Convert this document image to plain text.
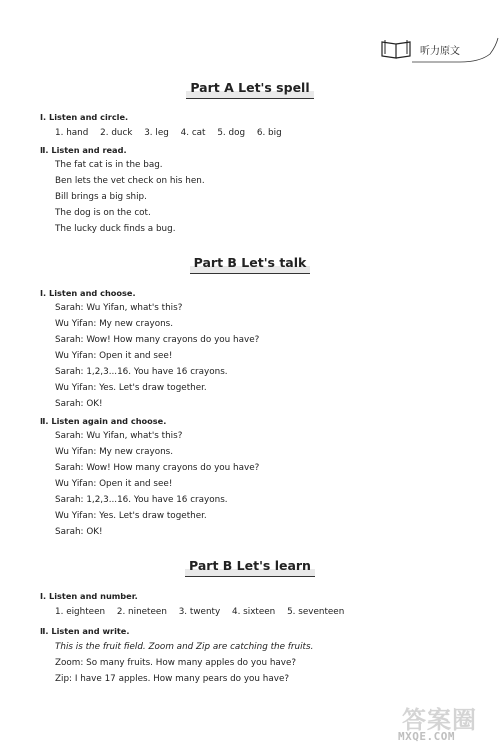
听力原文
Part A Let's spell
Ⅰ. Listen and circle.
1. hand 2. duck 3. leg 4. cat 5. dog 6. big
Ⅱ. Listen and read.
The fat cat is in the bag.
Ben lets the vet check on his hen.
Bill brings a big ship.
The dog is on the cot.
The lucky duck finds a bug.
Part B Let's talk
Ⅰ. Listen and choose.
Sarah: Wu Yifan, what's this?
Wu Yifan: My new crayons.
Sarah: Wow! How many crayons do you have?
Wu Yifan: Open it and see!
Sarah: 1,2,3...16. You have 16 crayons.
Wu Yifan: Yes. Let's draw together.
Sarah: OK!
Ⅱ. Listen again and choose.
Sarah: Wu Yifan, what's this?
Wu Yifan: My new crayons.
Sarah: Wow! How many crayons do you have?
Wu Yifan: Open it and see!
Sarah: 1,2,3...16. You have 16 crayons.
Wu Yifan: Yes. Let's draw together.
Sarah: OK!
Part B Let's learn
Ⅰ. Listen and number.
1. eighteen 2. nineteen 3. twenty 4. sixteen 5. seventeen
Ⅱ. Listen and write.
This is the fruit field. Zoom and Zip are catching the fruits.
Zoom: So many fruits. How many apples do you have?
Zip: I have 17 apples. How many pears do you have?
答案圈
MXQE.COM
